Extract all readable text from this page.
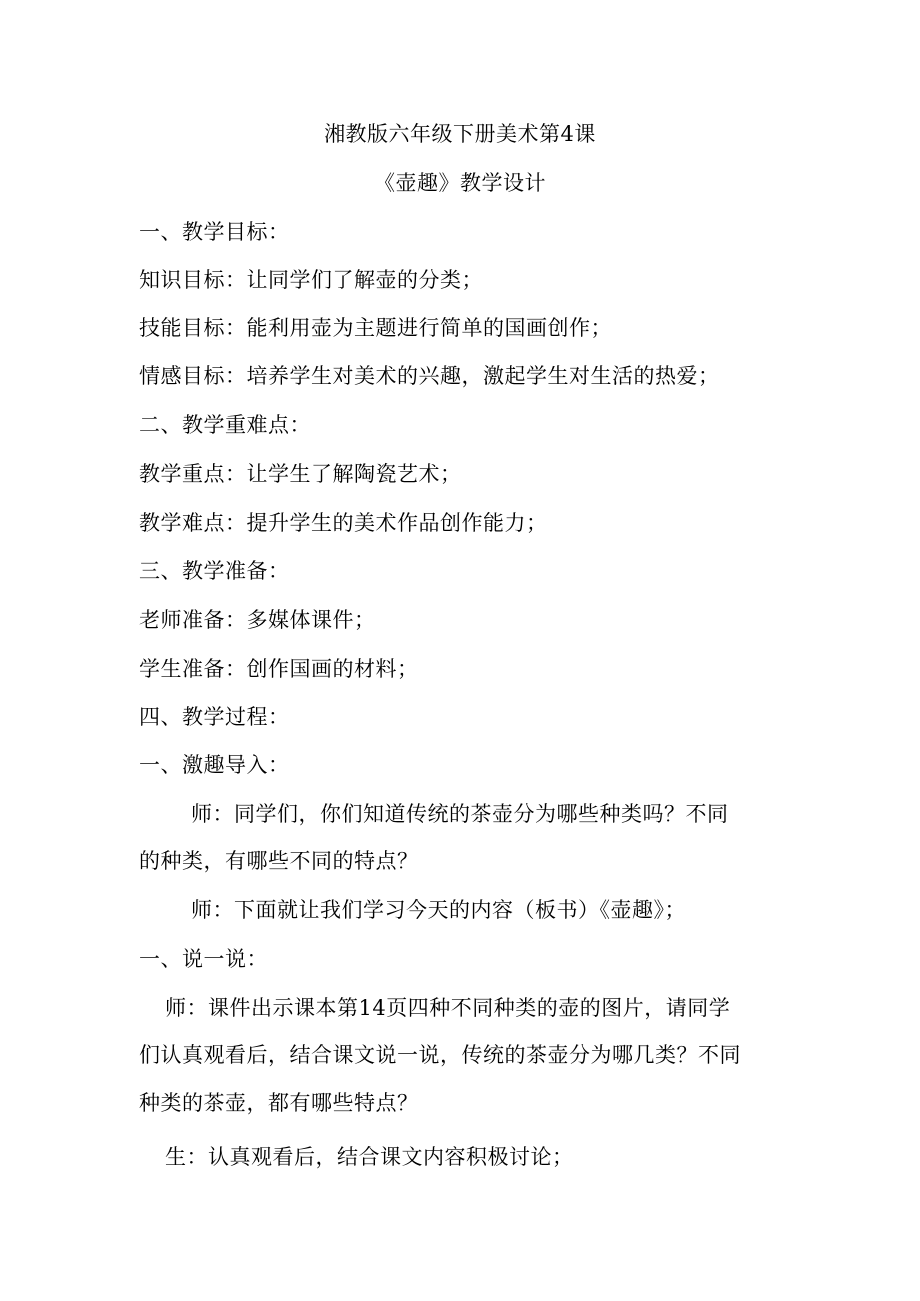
湘教版六年级下册美术第4课
《壶趣》教学设计
一、教学目标：
知识目标：让同学们了解壶的分类；
技能目标：能利用壶为主题进行简单的国画创作；
情感目标：培养学生对美术的兴趣，激起学生对生活的热爱；
二、教学重难点：
教学重点：让学生了解陶瓷艺术；
教学难点：提升学生的美术作品创作能力；
三、教学准备：
老师准备：多媒体课件；
学生准备：创作国画的材料；
四、教学过程：
一、激趣导入：
师：同学们，你们知道传统的茶壶分为哪些种类吗？不同
的种类，有哪些不同的特点？
师：下面就让我们学习今天的内容（板书）《壶趣》；
一、说一说：
师：课件出示课本第14页四种不同种类的壶的图片，请同学
们认真观看后，结合课文说一说，传统的茶壶分为哪几类？不同
种类的茶壶，都有哪些特点？
生：认真观看后，结合课文内容积极讨论；
